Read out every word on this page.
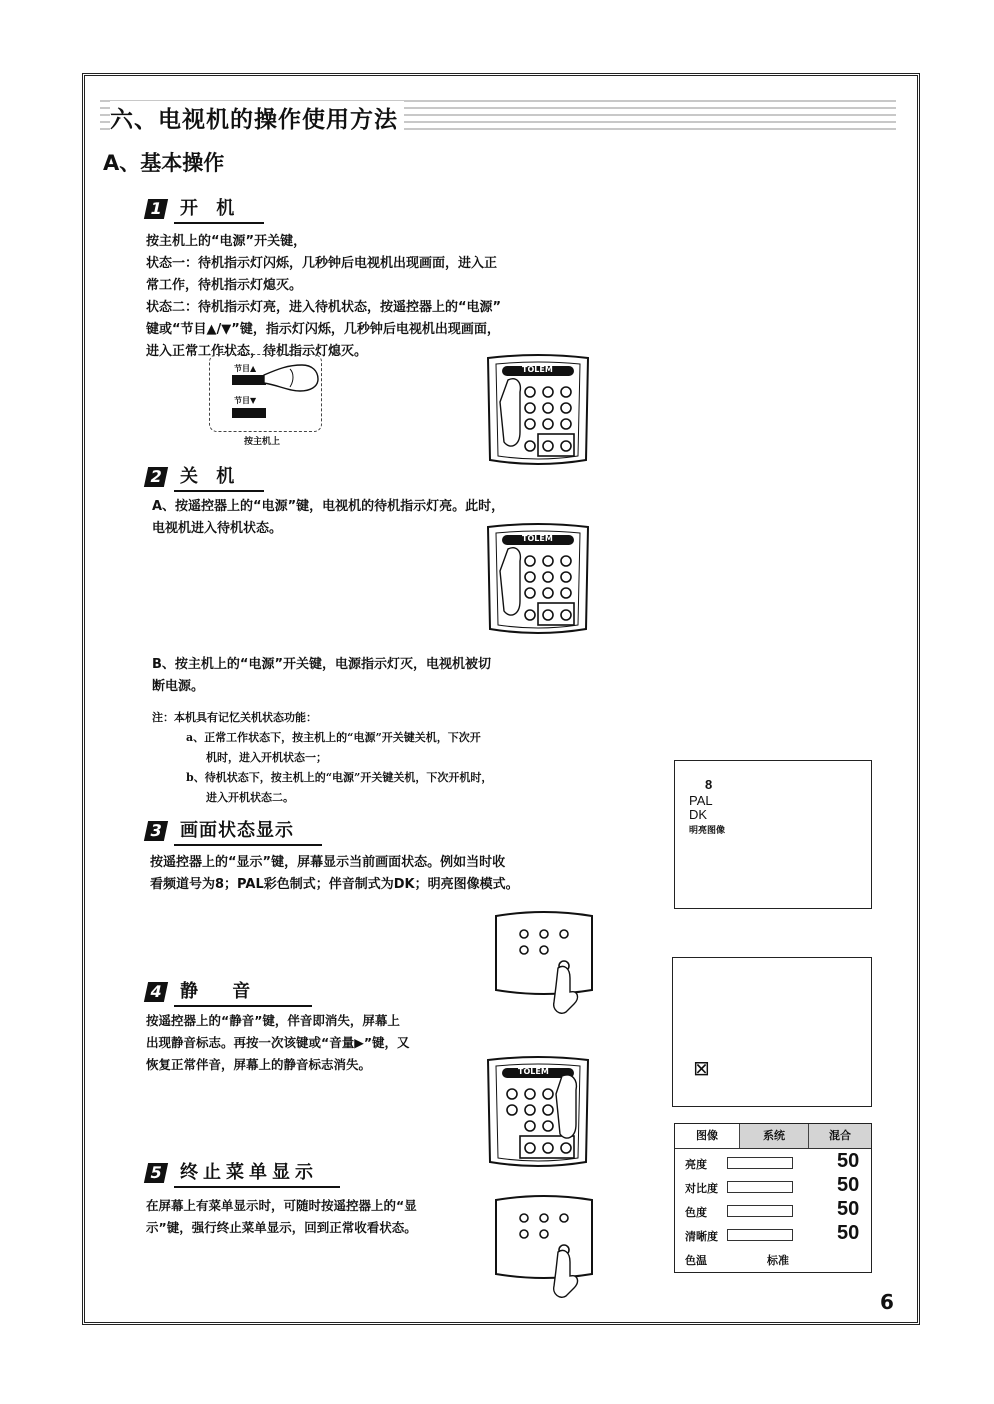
六、电视机的操作使用方法
A、基本操作
1 开 机
按主机上的“电源”开关键，
状态一：待机指示灯闪烁，几秒钟后电视机出现画面，进入正
常工作，待机指示灯熄灭。
状态二：待机指示灯亮，进入待机状态，按遥控器上的“电源”
键或“节目▲/▼”键，指示灯闪烁，几秒钟后电视机出现画面，
进入正常工作状态，待机指示灯熄灭。
节目▲
节目▼
按主机上
TOLEM
2 关 机
A、按遥控器上的“电源”键，电视机的待机指示灯亮。此时，
电视机进入待机状态。
TOLEM
B、按主机上的“电源”开关键，电源指示灯灭，电视机被切
断电源。
注：本机具有记忆关机状态功能：
a、正常工作状态下，按主机上的“电源”开关键关机，下次开
机时，进入开机状态一；
b、待机状态下，按主机上的“电源”开关键关机，下次开机时，
进入开机状态二。
8
PAL
DK
明亮图像
3 画面状态显示
按遥控器上的“显示”键，屏幕显示当前画面状态。例如当时收
看频道号为8；PAL彩色制式；伴音制式为DK；明亮图像模式。
⊠
4 静 音
按遥控器上的“静音”键，伴音即消失，屏幕上
出现静音标志。再按一次该键或“音量▶”键，又
恢复正常伴音，屏幕上的静音标志消失。	TOLEM
图像	系统	混合
亮度	50
对比度	50
色度	50
清晰度	50
色温	标准
5 终止菜单显示
在屏幕上有菜单显示时，可随时按遥控器上的“显
示”键，强行终止菜单显示，回到正常收看状态。
6
